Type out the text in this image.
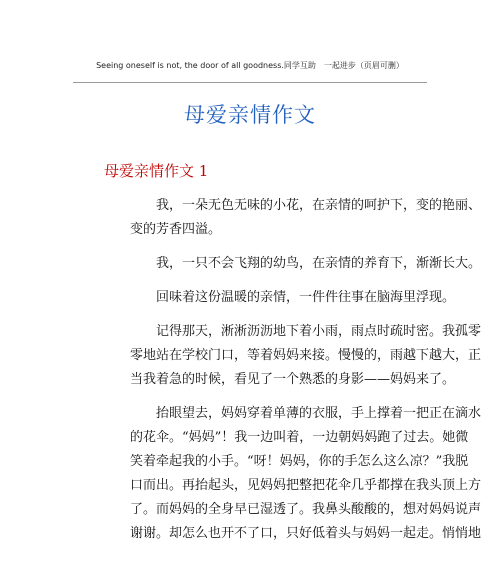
Seeing oneself is not, the door of all goodness.同学互助　一起进步（页眉可删）
母爱亲情作文
母爱亲情作文 1

我，一朵无色无味的小花，在亲情的呵护下，变的艳丽、
变的芳香四溢。

我，一只不会飞翔的幼鸟，在亲情的养育下，渐渐长大。

回味着这份温暖的亲情，一件件往事在脑海里浮现。

记得那天，淅淅沥沥地下着小雨，雨点时疏时密。我孤零
零地站在学校门口，等着妈妈来接。慢慢的，雨越下越大，正
当我着急的时候，看见了一个熟悉的身影——妈妈来了。

抬眼望去，妈妈穿着单薄的衣服，手上撑着一把正在滴水
的花伞。“妈妈”！我一边叫着，一边朝妈妈跑了过去。她微
笑着牵起我的小手。“呀！妈妈，你的手怎么这么凉？”我脱
口而出。再抬起头，见妈妈把整把花伞几乎都撑在我头顶上方
了。而妈妈的全身早已湿透了。我鼻头酸酸的，想对妈妈说声
谢谢。却怎么也开不了口，只好低着头与妈妈一起走。悄悄地
